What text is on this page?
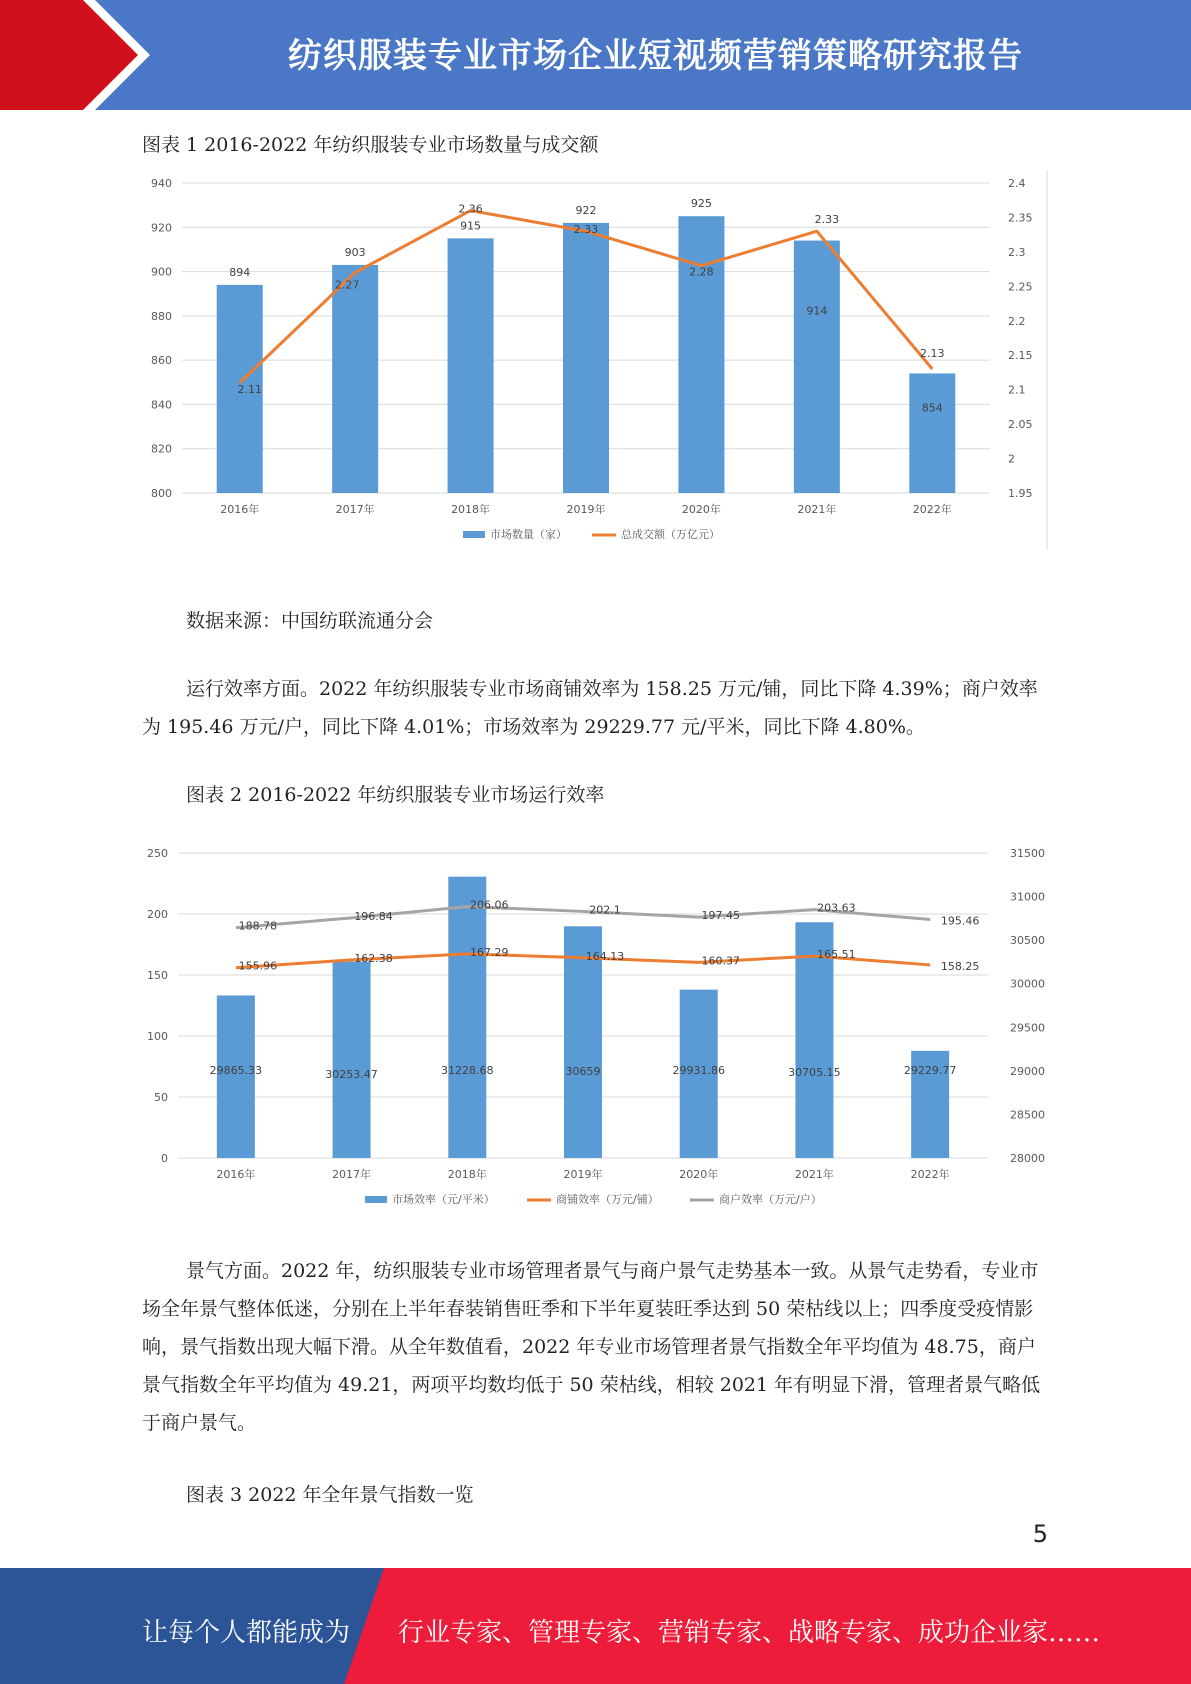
纺织服装专业市场企业短视频营销策略研究报告
图表 1 2016-2022 年纺织服装专业市场数量与成交额
800
820
840
860
880
900
920
940
1.95
2
2.05
2.1
2.15
2.2
2.25
2.3
2.35
2.4
894
903
915
922
925
914
854
2.11
2.27
2.36
2.33
2.28
2.33
2.13
2016年	2017年	2018年	2019年	2020年	2021年	2022年
市场数量（家）	总成交额（万亿元）
数据来源：中国纺联流通分会
运行效率方面。2022 年纺织服装专业市场商铺效率为 158.25 万元/铺，同比下降 4.39%；商户效率为 195.46 万元/户，同比下降 4.01%；市场效率为 29229.77 元/平米，同比下降 4.80%。
图表 2 2016-2022 年纺织服装专业市场运行效率
0
50
100
150
200
250
28000
28500
29000
29500
30000
30500
31000
31500
29865.33	30253.47	31228.68	30659	29931.86	30705.15	29229.77
155.96
162.38	167.29	164.13	160.37	165.51
158.25
188.78
196.84
206.06	202.1	197.45
203.63
195.46
2016年	2017年	2018年	2019年	2020年	2021年	2022年
市场效率（元/平米）	商铺效率（万元/铺）	商户效率（万元/户）
景气方面。2022 年，纺织服装专业市场管理者景气与商户景气走势基本一致。从景气走势看，专业市场全年景气整体低迷，分别在上半年春装销售旺季和下半年夏装旺季达到 50 荣枯线以上；四季度受疫情影响，景气指数出现大幅下滑。从全年数值看，2022 年专业市场管理者景气指数全年平均值为 48.75，商户景气指数全年平均值为 49.21，两项平均数均低于 50 荣枯线，相较 2021 年有明显下滑，管理者景气略低于商户景气。
图表 3 2022 年全年景气指数一览
5
让每个人都能成为 行业专家、管理专家、营销专家、战略专家、成功企业家……
